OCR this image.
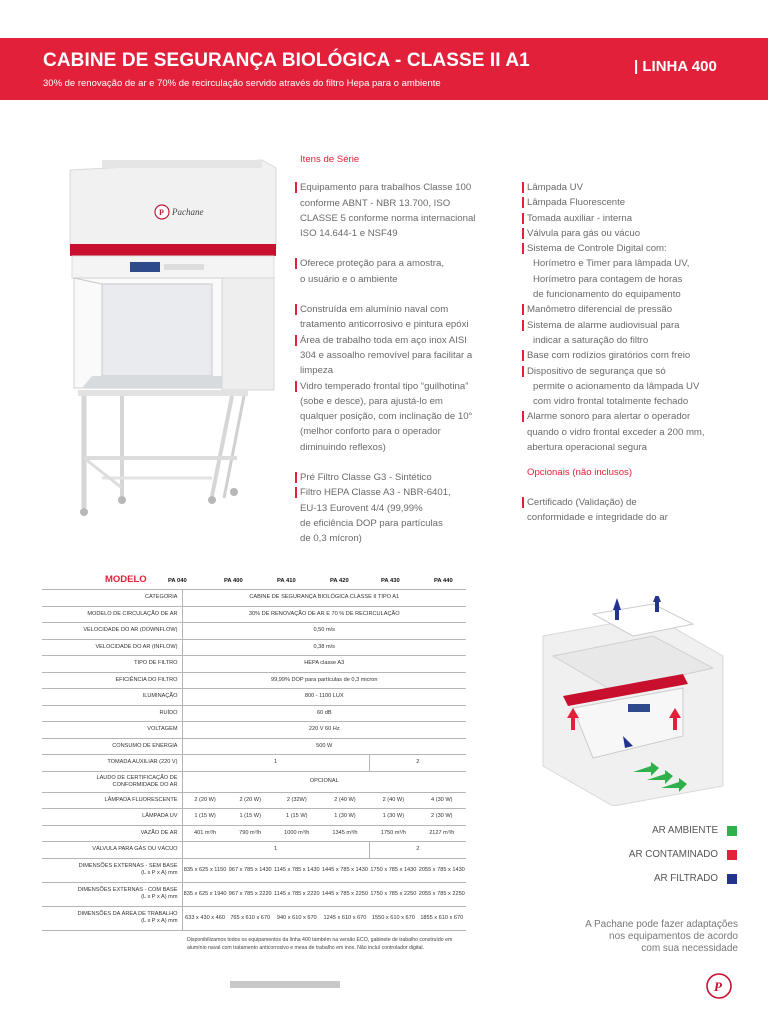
CABINE DE SEGURANÇA BIOLÓGICA - CLASSE II A1
30% de renovação de ar e 70% de recirculação servido através do filtro Hepa para o ambiente
| LINHA 400
P Pachane
Itens de Série
Equipamento para trabalhos Classe 100
conforme ABNT - NBR 13.700, ISO
CLASSE 5 conforme norma internacional
ISO 14.644-1 e NSF49
Oferece proteção para a amostra,
o usuário e o ambiente
Construída em alumínio naval com
tratamento anticorrosivo e pintura epóxi
Área de trabalho toda em aço inox AISI
304 e assoalho removível para facilitar a
limpeza
Vidro temperado frontal tipo “guilhotina”
(sobe e desce), para ajustá-lo em
qualquer posição, com inclinação de 10°
(melhor conforto para o operador
diminuindo reflexos)
Pré Filtro Classe G3 - Sintético
Filtro HEPA Classe A3 - NBR-6401,
EU-13 Eurovent 4/4 (99,99%
de eficiência DOP para partículas
de 0,3 mícron)
Lâmpada UV
Lâmpada Fluorescente
Tomada auxiliar - interna
Válvula para gás ou vácuo
Sistema de Controle Digital com:
Horímetro e Timer para lâmpada UV,
Horímetro para contagem de horas
de funcionamento do equipamento
Manômetro diferencial de pressão
Sistema de alarme audiovisual para
indicar a saturação do filtro
Base com rodízios giratórios com freio
Dispositivo de segurança que só
permite o acionamento da lâmpada UV
com vidro frontal totalmente fechado
Alarme sonoro para alertar o operador
quando o vidro frontal exceder a 200 mm,
abertura operacional segura
Opcionais (não inclusos)
Certificado (Validação) de
conformidade e integridade do ar
MODELO	PA 040	PA 400	PA 410	PA 420	PA 430	PA 440
CATEGORIA	CABINE DE SEGURANÇA BIOLÓGICA CLASSE II TIPO A1					
MODELO DE CIRCULAÇÃO DE AR	30% DE RENOVAÇÃO DE AR E 70 % DE RECIRCULAÇÃO					
VELOCIDADE DO AR (DOWNFLOW)	0,50 m/s					
VELOCIDADE DO AR (INFLOW)	0,38 m/s					
TIPO DE FILTRO	HEPA classe A3					
EFICIÊNCIA DO FILTRO	99,99% DOP para partículas de 0,3 micron					
ILUMINAÇÃO	800 - 1100 LUX					
RUÍDO	60 dB					
VOLTAGEM	220 V 60 Hz					
CONSUMO DE ENERGIA	500 W					
TOMADA AUXILIAR (220 V)	1				2	
LAUDO DE CERTIFICAÇÃO DE
CONFORMIDADE DO AR	OPCIONAL					
LÂMPADA FLUORESCENTE	2 (20 W)	2 (20 W)	2 (32W)	2 (40 W)	2 (40 W)	4 (30 W)
LÂMPADA UV	1 (15 W)	1 (15 W)	1 (15 W)	1 (30 W)	1 (30 W)	2 (30 W)
VAZÃO DE AR	401 m³/h	790 m³/h	1000 m³/h	1345 m³/h	1750 m³/h	2127 m³/h
VÁLVULA PARA GÁS OU VÁCUO	1				2	
DIMENSÕES EXTERNAS - SEM BASE
(L x P x A) mm	835 x 625 x 1150	967 x 785 x 1430	1145 x 785 x 1430	1445 x 785 x 1430	1750 x 785 x 1430	2055 x 785 x 1430
DIMENSÕES EXTERNAS - COM BASE
(L x P x A) mm	835 x 625 x 1940	967 x 785 x 2220	1145 x 785 x 2220	1445 x 785 x 2250	1750 x 785 x 2250	2055 x 785 x 2250
DIMENSÕES DA ÁREA DE TRABALHO
(L x P x A) mm	633 x 430 x 460	765 x 610 x 670	940 x 610 x 670	1245 x 610 x 670	1550 x 610 x 670	1855 x 610 x 670
Disponibilizamos todos os equipamentos da linha 400 também na versão ECO, gabinete de trabalho construído em alumínio naval com tratamento anticorrosivo e mesa de trabalho em inox. Não incluí controlador digital.
AR AMBIENTE
AR CONTAMINADO
AR FILTRADO
A Pachane pode fazer adaptações
nos equipamentos de acordo
com sua necessidade
P
